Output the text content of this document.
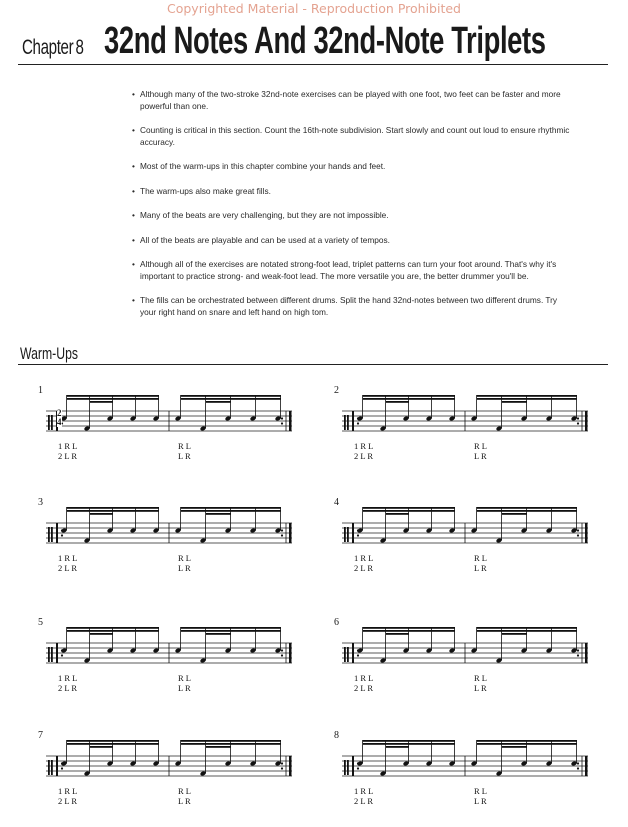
Copyrighted Material - Reproduction Prohibited
Chapter 8 32nd Notes And 32nd-Note Triplets
• Although many of the two-stroke 32nd-note exercises can be played with one foot, two feet can be faster and more powerful than one.
• Counting is critical in this section. Count the 16th-note subdivision. Start slowly and count out loud to ensure rhythmic accuracy.
• Most of the warm-ups in this chapter combine your hands and feet.
• The warm-ups also make great fills.
• Many of the beats are very challenging, but they are not impossible.
• All of the beats are playable and can be used at a variety of tempos.
• Although all of the exercises are notated strong-foot lead, triplet patterns can turn your foot around. That's why it's important to practice strong- and weak-foot lead. The more versatile you are, the better drummer you'll be.
• The fills can be orchestrated between different drums. Split the hand 32nd-notes between two different drums. Try your right hand on snare and left hand on high tom.
Warm-Ups
1
2
4
1 R L
2 L R
R L
L R
2
1 R L
2 L R
R L
L R
3
1 R L
2 L R
R L
L R
4
1 R L
2 L R
R L
L R
5
1 R L
2 L R
R L
L R
6
1 R L
2 L R
R L
L R
7
1 R L
2 L R
R L
L R
8
1 R L
2 L R
R L
L R
